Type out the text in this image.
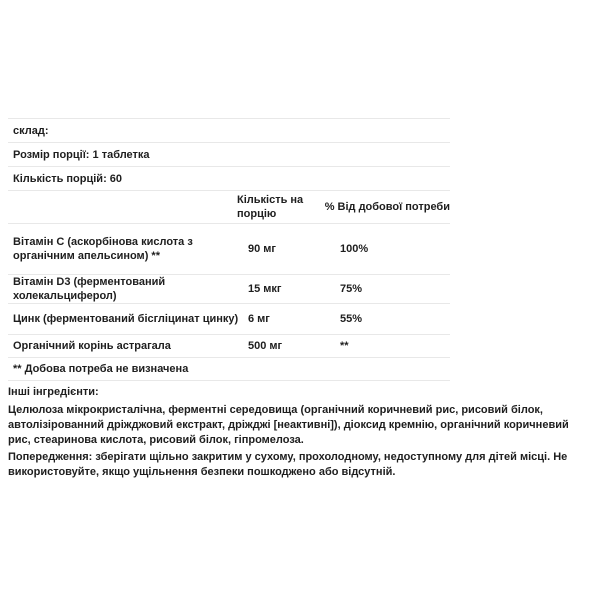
склад:
Розмір порції: 1 таблетка
Кількість порцій: 60
Кількість на порцію
% Від добової потреби
Вітамін C (аскорбінова кислота з органічним апельсином) **
90 мг	100%
Вітамін D3 (ферментований холекальциферол)
15 мкг	75%
Цинк (ферментований бісгліцинат цинку) 6 мг	55%
Органічний корінь астрагала	500 мг	**
** Добова потреба не визначена
Інші інгредієнти:
Целюлоза мікрокристалічна, ферментні середовища (органічний коричневий рис, рисовий білок, автолізірованний дріжджовий екстракт, дріжджі [неактивні]), діоксид кремнію, органічний коричневий рис, стеаринова кислота, рисовий білок, гіпромелоза.
Попередження: зберігати щільно закритим у сухому, прохолодному, недоступному для дітей місці. Не використовуйте, якщо ущільнення безпеки пошкоджено або відсутній.
